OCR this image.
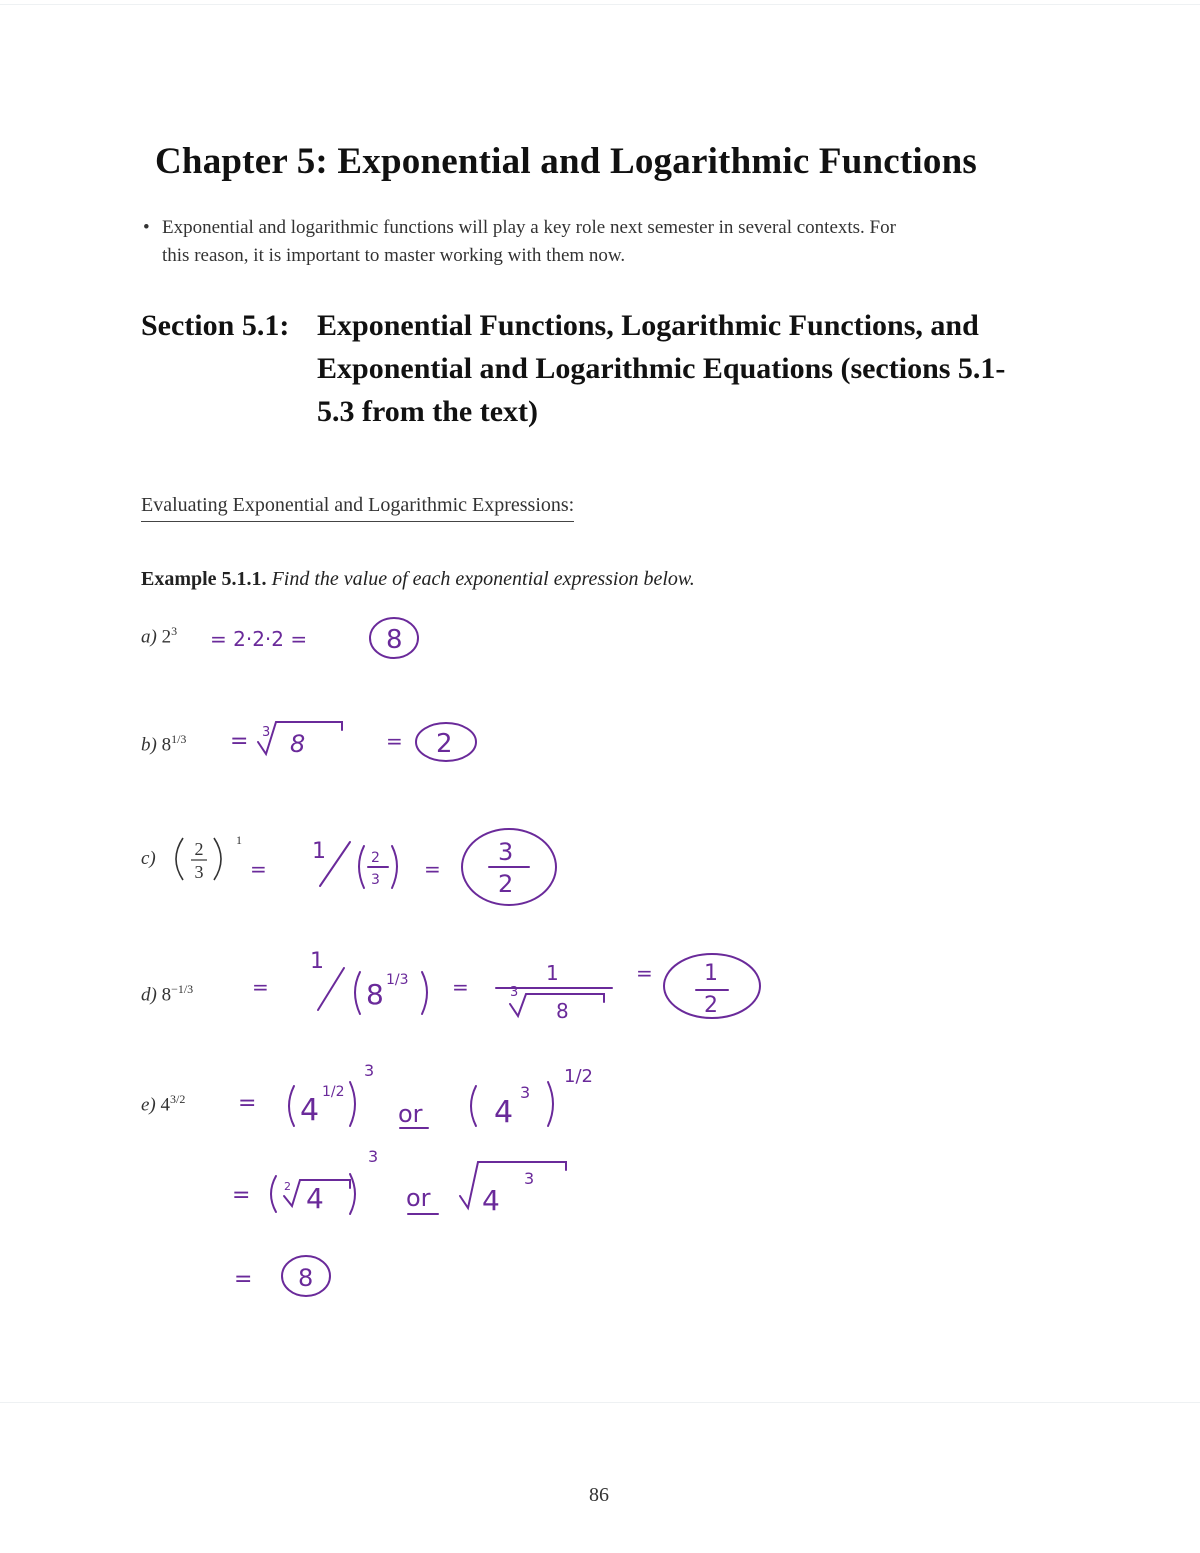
Chapter 5: Exponential and Logarithmic Functions
• Exponential and logarithmic functions will play a key role next semester in several contexts. For
this reason, it is important to master working with them now.
Section 5.1: Exponential Functions, Logarithmic Functions, and
Exponential and Logarithmic Equations (sections 5.1-
5.3 from the text)
Evaluating Exponential and Logarithmic Expressions:
Example 5.1.1. Find the value of each exponential expression below.
a) $2^3$
b) $8^{1/3}$
c) 2
3
1
d) $8^{-1/3}$
e) $4^{3/2}$
= 2·2·2 =	8
= 3 8	= 2
=
1	2
3 =
3
2
=
1
8 1/3 =
1
3
8
= 1
2
= 4
1/2
3
or 4
3
1/2
=	2 4
3
or 4
3
= 8
86
